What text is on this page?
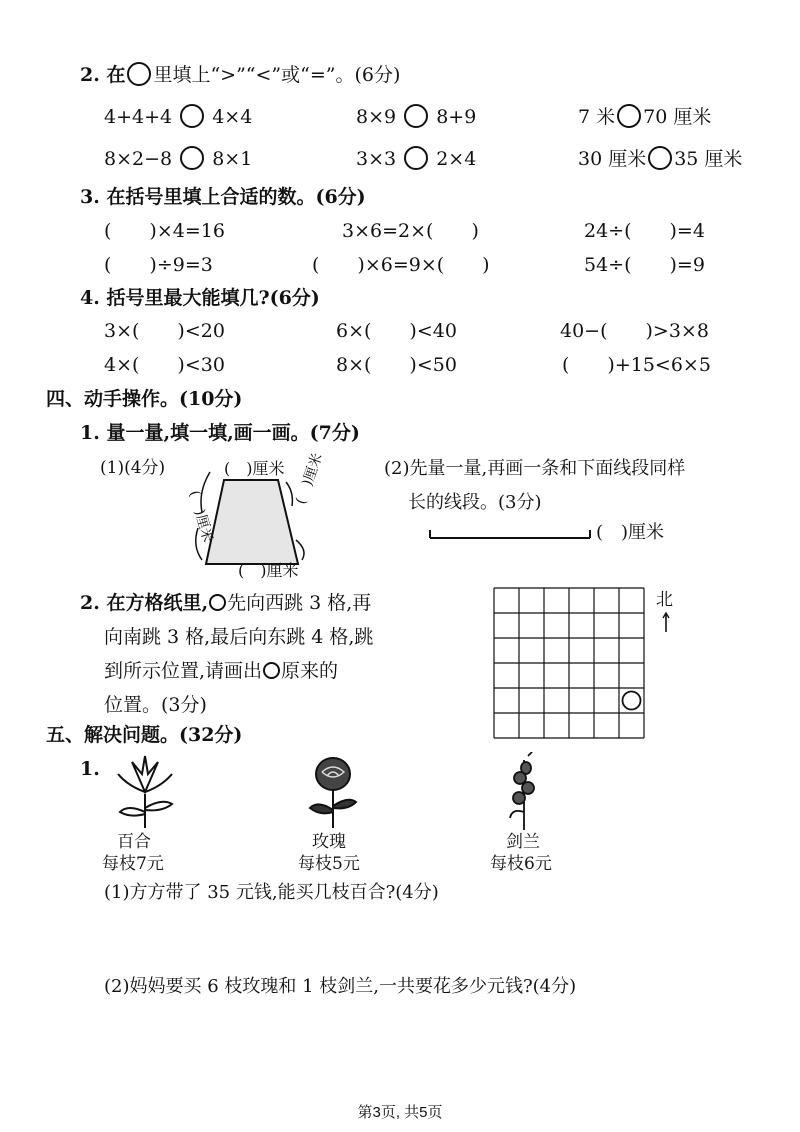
2. 在 里填上“>”“<”或“=”。(6分)
4+4+4 4×4	8×9 8+9	7 米 70 厘米
8×2−8 8×1	3×3 2×4	30 厘米 35 厘米
3. 在括号里填上合适的数。(6分)
(　　)×4=16	3×6=2×(　　)	24÷(　　)=4
(　　)÷9=3	(　　)×6=9×(　　)	54÷(　　)=9
4. 括号里最大能填几?(6分)
3×(　　)<20	6×(　　)<40	40−(　　)>3×8
4×(　　)<30	8×(　　)<50	(　　)+15<6×5
四、动手操作。(10分)
1. 量一量,填一填,画一画。(7分)
(1)(4分)	(　)厘米
(　)厘米
(　)厘米
(　)厘米
(2)先量一量,再画一条和下面线段同样
长的线段。(3分)
(　)厘米
2. 在方格纸里, 先向西跳 3 格,再
向南跳 3 格,最后向东跳 4 格,跳
到所示位置,请画出 原来的
位置。(3分)
北
五、解决问题。(32分)
1.
百合
每枝7元
玫瑰
每枝5元
剑兰
每枝6元
(1)方方带了 35 元钱,能买几枝百合?(4分)
(2)妈妈要买 6 枝玫瑰和 1 枝剑兰,一共要花多少元钱?(4分)
第3页, 共5页
